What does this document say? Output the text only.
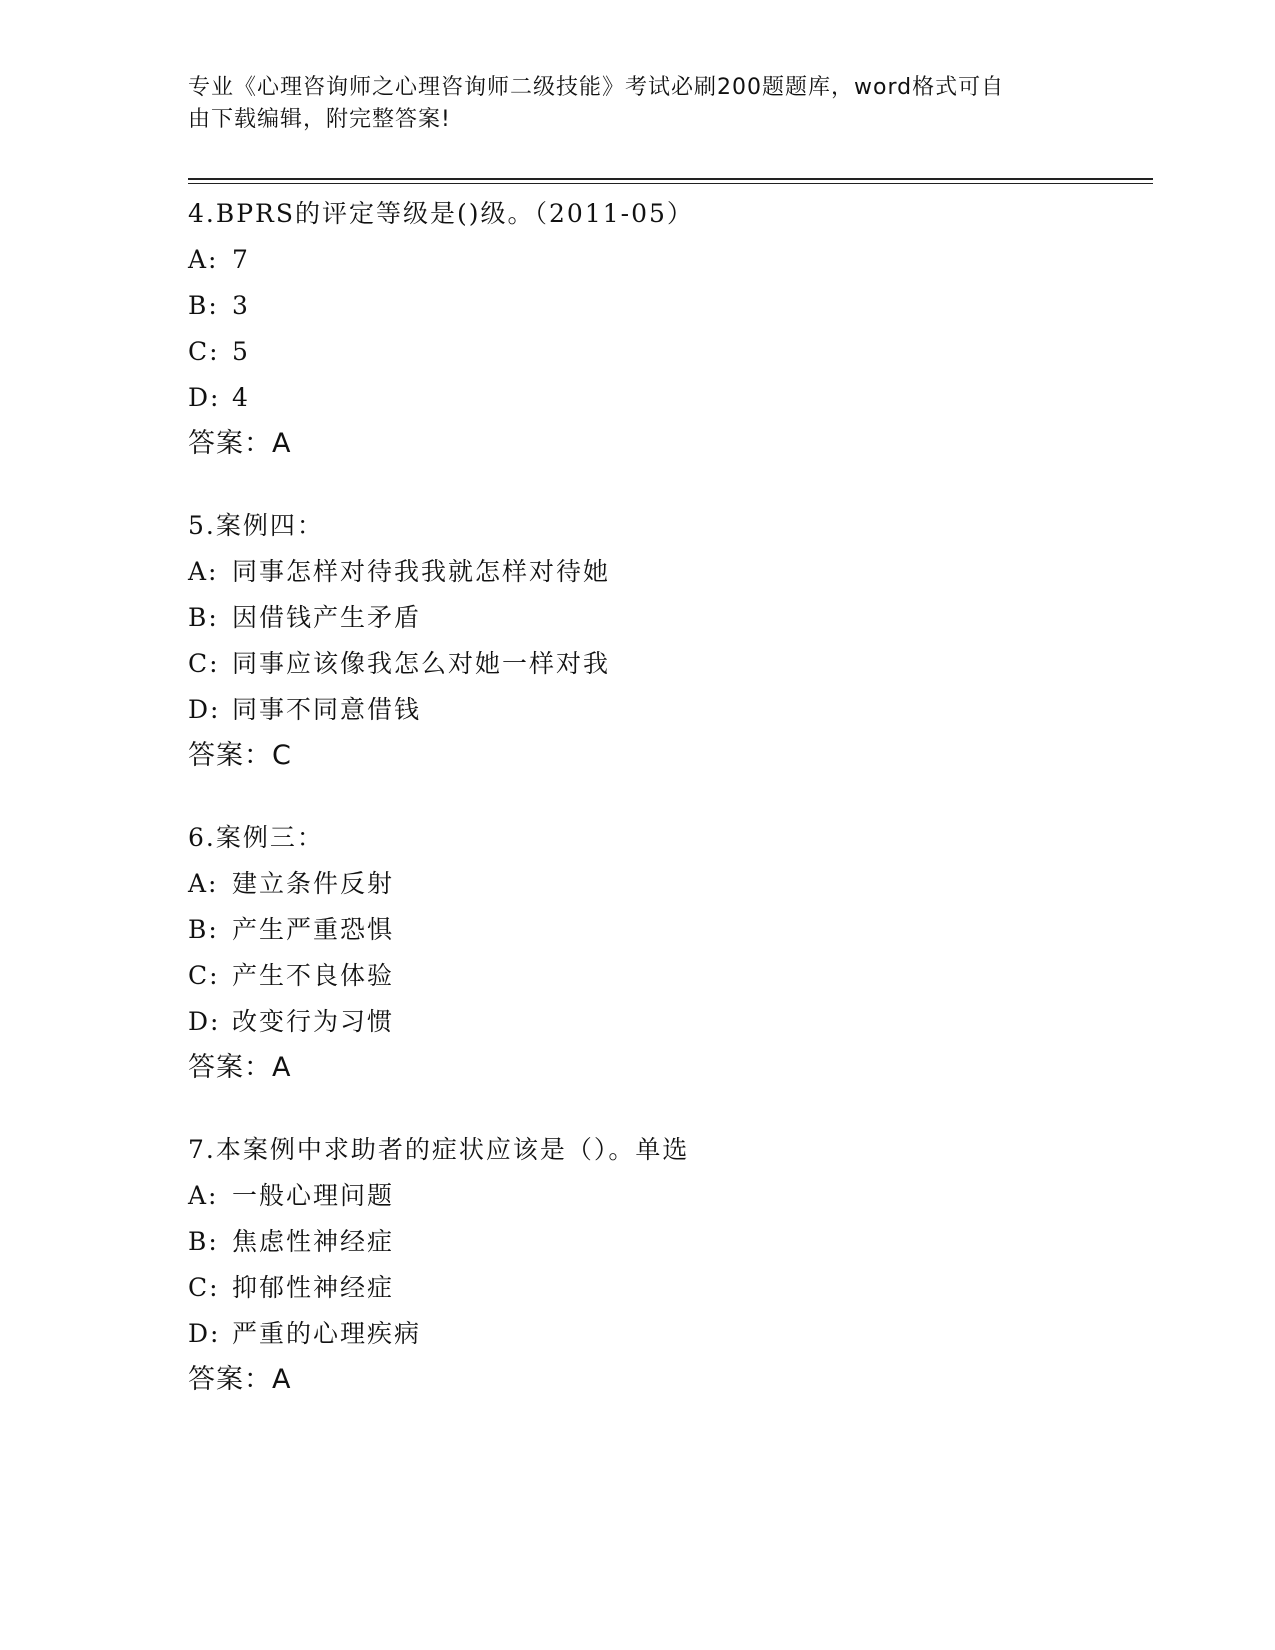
专业《心理咨询师之心理咨询师二级技能》考试必刷200题题库，word格式可自
由下载编辑，附完整答案!
4.BPRS的评定等级是()级。（2011-05）
A: 7
B: 3
C: 5
D: 4
答案：A
5.案例四：
A: 同事怎样对待我我就怎样对待她
B: 因借钱产生矛盾
C: 同事应该像我怎么对她一样对我
D: 同事不同意借钱
答案：C
6.案例三：
A: 建立条件反射
B: 产生严重恐惧
C: 产生不良体验
D: 改变行为习惯
答案：A
7.本案例中求助者的症状应该是（）。单选
A: 一般心理问题
B: 焦虑性神经症
C: 抑郁性神经症
D: 严重的心理疾病
答案：A
